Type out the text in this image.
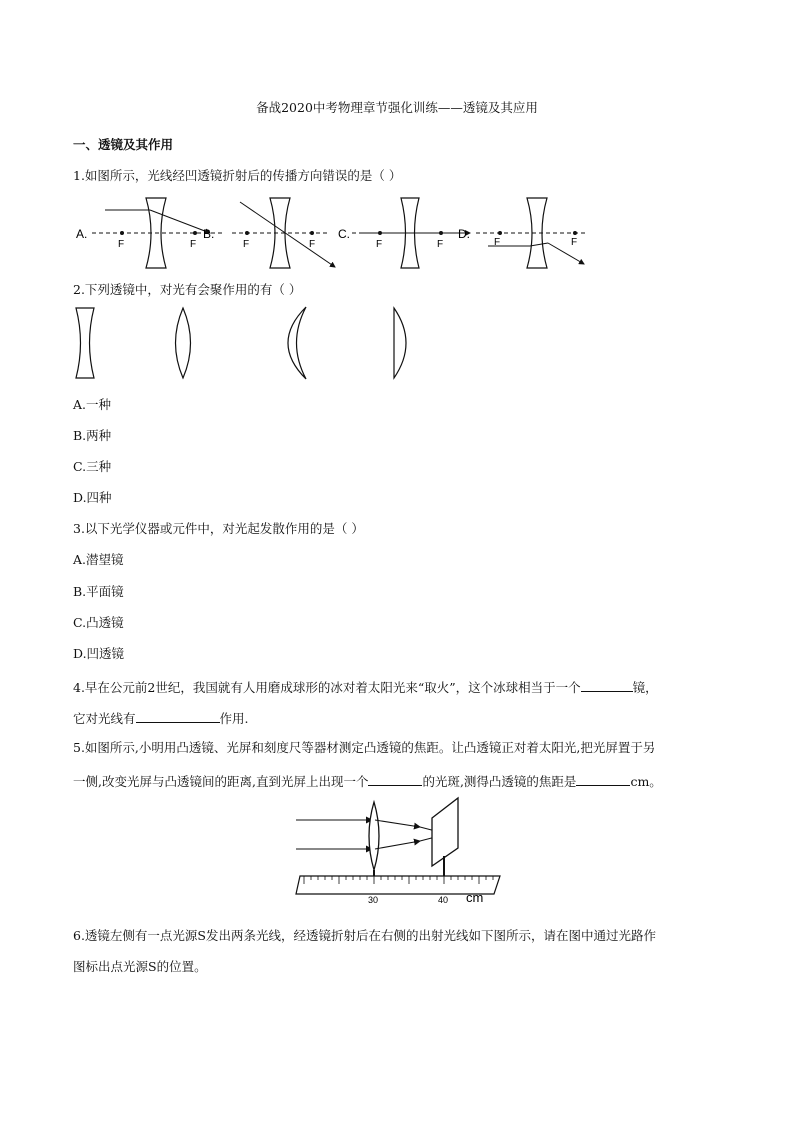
备战2020中考物理章节强化训练——透镜及其应用
一、透镜及其作用
1.如图所示，光线经凹透镜折射后的传播方向错误的是（ ）
A.
F	F
B.
F	F
C.
F	F
D.
F	F
2.下列透镜中，对光有会聚作用的有（ ）
A.一种
B.两种
C.三种
D.四种
3.以下光学仪器或元件中，对光起发散作用的是（ ）
A.潜望镜
B.平面镜
C.凸透镜
D.凹透镜
4.早在公元前2世纪，我国就有人用磨成球形的冰对着太阳光来“取火”，这个冰球相当于一个	镜，
它对光线有	作用.
5.如图所示,小明用凸透镜、光屏和刻度尺等器材测定凸透镜的焦距。让凸透镜正对着太阳光,把光屏置于另
一侧,改变光屏与凸透镜间的距离,直到光屏上出现一个	的光斑,测得凸透镜的焦距是	cm。
30	40 cm
6.透镜左侧有一点光源S发出两条光线，经透镜折射后在右侧的出射光线如下图所示，请在图中通过光路作
图标出点光源S的位置。
